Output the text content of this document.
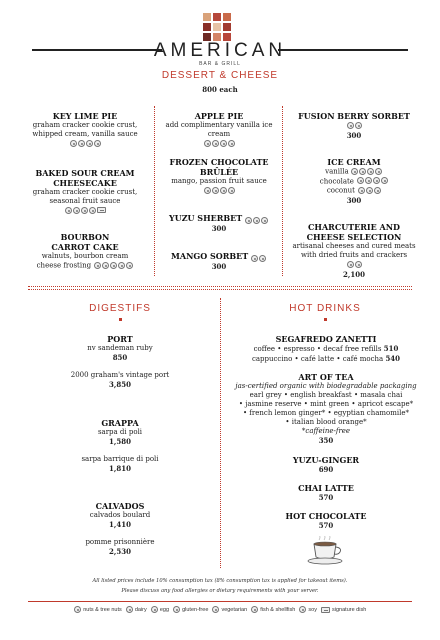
AMERICAN
BAR & GRILL
DESSERT & CHEESE
800 each
KEY LIME PIE
graham cracker cookie crust,
whipped cream, vanilla sauce
BAKED SOUR CREAM
CHEESECAKE
graham cracker cookie crust,
seasonal fruit sauce
BOURBON
CARROT CAKE
walnuts, bourbon cream
cheese frosting
APPLE PIE
add complimentary vanilla ice cream
FROZEN CHOCOLATE
BRÛLÉE
mango, passion fruit sauce
YUZU SHERBET
300
MANGO SORBET
300
FUSION BERRY SORBET
300
ICE CREAM
vanilla
chocolate
coconut
300
CHARCUTERIE AND
CHEESE SELECTION
artisanal cheeses and cured meats
with dried fruits and crackers
2,100
DIGESTIFS
PORT
nv sandeman ruby
850
2000 graham's vintage port
3,850
GRAPPA
sarpa di poli
1,580
sarpa barrique di poli
1,810
CALVADOS
calvados boulard
1,410
pomme prisonnière
2,530
HOT DRINKS
SEGAFREDO ZANETTI
coffee • espresso • decaf free refills 510
cappuccino • café latte • café mocha 540
ART OF TEA
jas-certified organic with biodegradable packaging
earl grey • english breakfast • masala chai
• jasmine reserve • mint green • apricot escape*
• french lemon ginger* • egyptian chamomile*
• italian blood orange*
*caffeine-free
350
YUZU-GINGER
690
CHAI LATTE
570
HOT CHOCOLATE
570
All listed prices include 10% consumption tax (8% consumption tax is applied for takeout items).
Please discuss any food allergies or dietary requirements with your server.
nuts & tree nuts dairy egg gluten-free vegetarian fish & shellfish soy	signature dish
